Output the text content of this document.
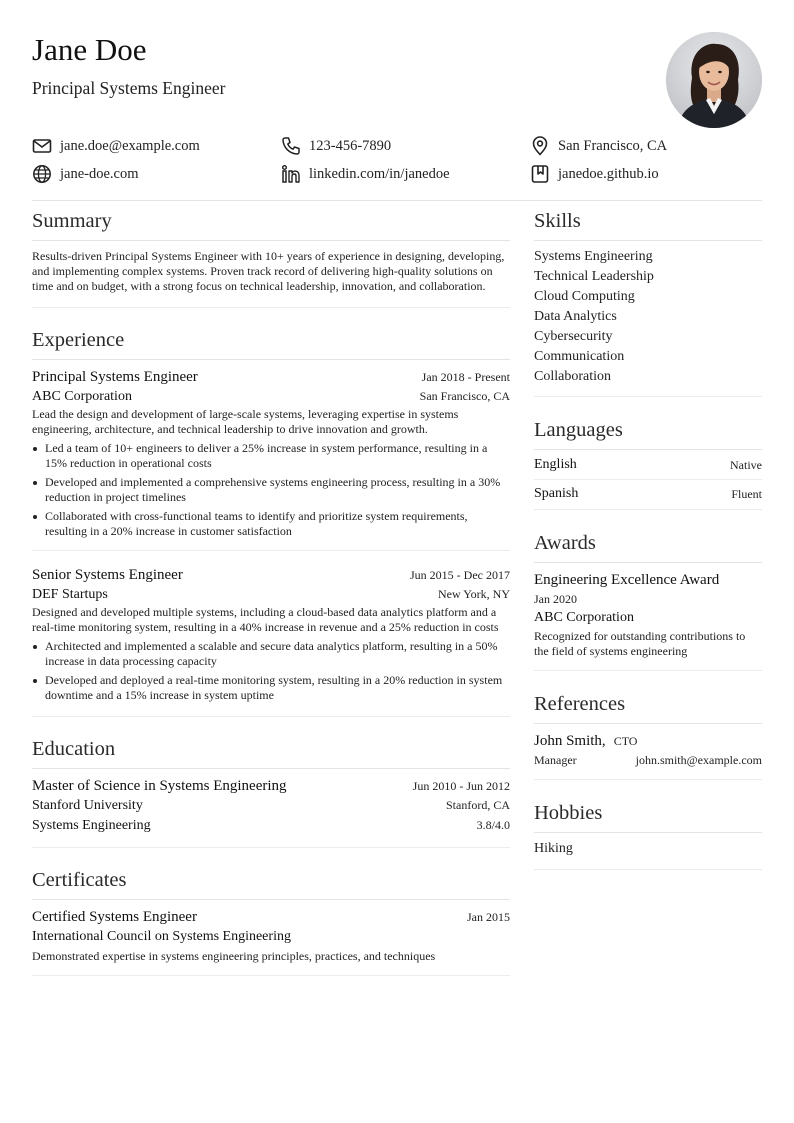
Jane Doe
Principal Systems Engineer
jane.doe@example.com	123-456-7890	San Francisco, CA
jane-doe.com	linkedin.com/in/janedoe	janedoe.github.io
Summary
Results-driven Principal Systems Engineer with 10+ years of experience in designing, developing, and implementing complex systems. Proven track record of delivering high-quality solutions on time and on budget, with a strong focus on technical leadership, innovation, and collaboration.
Experience
Principal Systems Engineer	Jan 2018 - Present
ABC Corporation	San Francisco, CA
Lead the design and development of large-scale systems, leveraging expertise in systems engineering, architecture, and technical leadership to drive innovation and growth.
Led a team of 10+ engineers to deliver a 25% increase in system performance, resulting in a 15% reduction in operational costs
Developed and implemented a comprehensive systems engineering process, resulting in a 30% reduction in project timelines
Collaborated with cross-functional teams to identify and prioritize system requirements, resulting in a 20% increase in customer satisfaction
Senior Systems Engineer	Jun 2015 - Dec 2017
DEF Startups	New York, NY
Designed and developed multiple systems, including a cloud-based data analytics platform and a real-time monitoring system, resulting in a 40% increase in revenue and a 25% reduction in costs
Architected and implemented a scalable and secure data analytics platform, resulting in a 50% increase in data processing capacity
Developed and deployed a real-time monitoring system, resulting in a 20% reduction in system downtime and a 15% increase in system uptime
Education
Master of Science in Systems Engineering	Jun 2010 - Jun 2012
Stanford University	Stanford, CA
Systems Engineering	3.8/4.0
Certificates
Certified Systems Engineer	Jan 2015
International Council on Systems Engineering
Demonstrated expertise in systems engineering principles, practices, and techniques
Skills
Systems Engineering
Technical Leadership
Cloud Computing
Data Analytics
Cybersecurity
Communication
Collaboration
Languages
English	Native
Spanish	Fluent
Awards
Engineering Excellence Award
Jan 2020
ABC Corporation
Recognized for outstanding contributions to the field of systems engineering
References
John Smith, CTO
Manager	john.smith@example.com
Hobbies
Hiking
